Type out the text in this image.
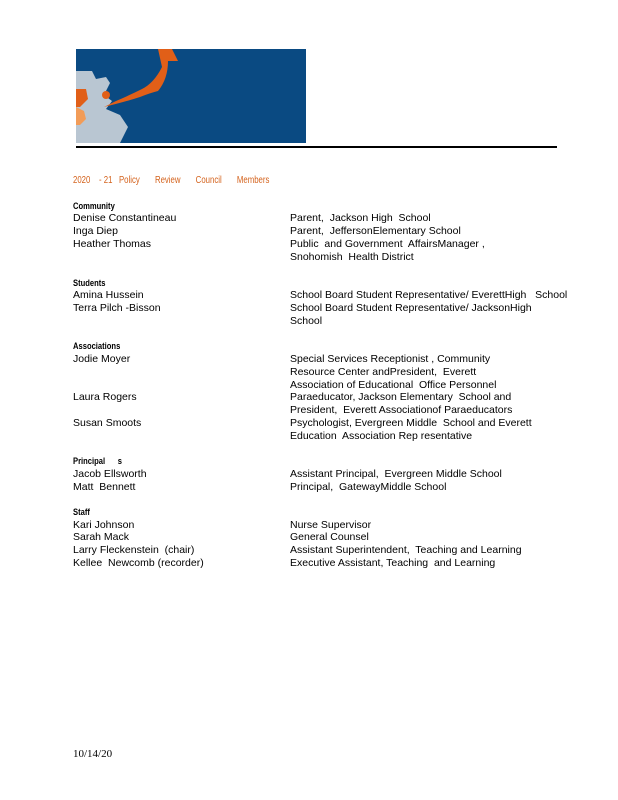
2020    - 21   Policy       Review       Council       Members
Community
Denise Constantineau	Parent,  Jackson High  School
Inga Diep	Parent,  JeffersonElementary School
Heather Thomas	Public  and Government  AffairsManager ,
Snohomish  Health District
Students
Amina Hussein	School Board Student Representative/ EverettHigh   School
Terra Pilch -Bisson	School Board Student Representative/ JacksonHigh
School
Associations
Jodie Moyer	Special Services Receptionist , Community
Resource Center andPresident,  Everett
Association of Educational  Office Personnel
Laura Rogers	Paraeducator, Jackson Elementary  School and
President,  Everett Associationof Paraeducators
Susan Smoots	Psychologist, Evergreen Middle  School and Everett
Education  Association Rep resentative
Principal      s
Jacob Ellsworth	Assistant Principal,  Evergreen Middle School
Matt  Bennett	Principal,  GatewayMiddle School
Staff
Kari Johnson	Nurse Supervisor
Sarah Mack	General Counsel
Larry Fleckenstein  (chair)	Assistant Superintendent,  Teaching and Learning
Kellee  Newcomb (recorder)	Executive Assistant, Teaching  and Learning
10/14/20
